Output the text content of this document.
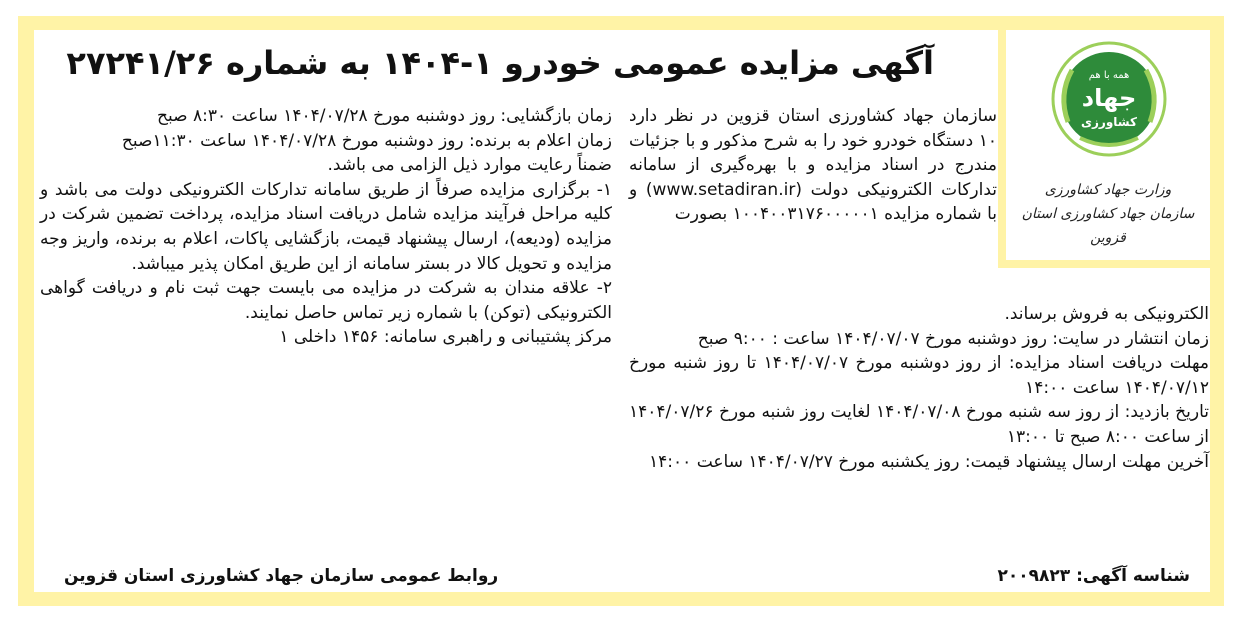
همه با هم
جهاد
کشاورزی
وزارت جهاد کشاورزی
سازمان جهاد کشاورزی استان قزوین
آگهی مزایده عمومی خودرو ۱-۱۴۰۴ به شماره ۲۷۲۴۱/۲۶

سازمان جهاد کشاورزی استان قزوین در نظر دارد ۱۰ دستگاه خودرو خود را به شرح مذکور و با جزئیات مندرج در اسناد مزایده و با بهره‌گیری از سامانه تدارکات الکترونیکی دولت (www.setadiran.ir) و با شماره مزایده ۱۰۰۴۰۰۳۱۷۶۰۰۰۰۰۱ بصورت

الکترونیکی به فروش برساند.

زمان انتشار در سایت: روز دوشنبه مورخ ۱۴۰۴/۰۷/۰۷ ساعت : ۹:۰۰ صبح

مهلت دریافت اسناد مزایده: از روز دوشنبه مورخ ۱۴۰۴/۰۷/۰۷ تا روز شنبه مورخ ۱۴۰۴/۰۷/۱۲ ساعت ۱۴:۰۰

تاریخ بازدید: از روز سه شنبه مورخ ۱۴۰۴/۰۷/۰۸ لغایت روز شنبه مورخ ۱۴۰۴/۰۷/۲۶ از ساعت ۸:۰۰ صبح تا ۱۳:۰۰

آخرین مهلت ارسال پیشنهاد قیمت: روز یکشنبه مورخ ۱۴۰۴/۰۷/۲۷ ساعت ۱۴:۰۰

زمان بازگشایی: روز دوشنبه مورخ ۱۴۰۴/۰۷/۲۸ ساعت ۸:۳۰ صبح

زمان اعلام به برنده: روز دوشنبه مورخ ۱۴۰۴/۰۷/۲۸ ساعت ۱۱:۳۰صبح

ضمناً رعایت موارد ذیل الزامی می باشد.

۱- برگزاری مزایده صرفاً از طریق سامانه تدارکات الکترونیکی دولت می باشد و کلیه مراحل فرآیند مزایده شامل دریافت اسناد مزایده، پرداخت تضمین شرکت در مزایده (ودیعه)، ارسال پیشنهاد قیمت، بازگشایی پاکات، اعلام به برنده، واریز وجه مزایده و تحویل کالا در بستر سامانه از این طریق امکان پذیر میباشد.

۲- علاقه مندان به شرکت در مزایده می بایست جهت ثبت نام و دریافت گواهی الکترونیکی (توکن) با شماره زیر تماس حاصل نمایند.

مرکز پشتیبانی و راهبری سامانه: ۱۴۵۶ داخلی ۱

شناسه آگهی: ۲۰۰۹۸۲۳
روابط عمومی سازمان جهاد کشاورزی استان قزوین
